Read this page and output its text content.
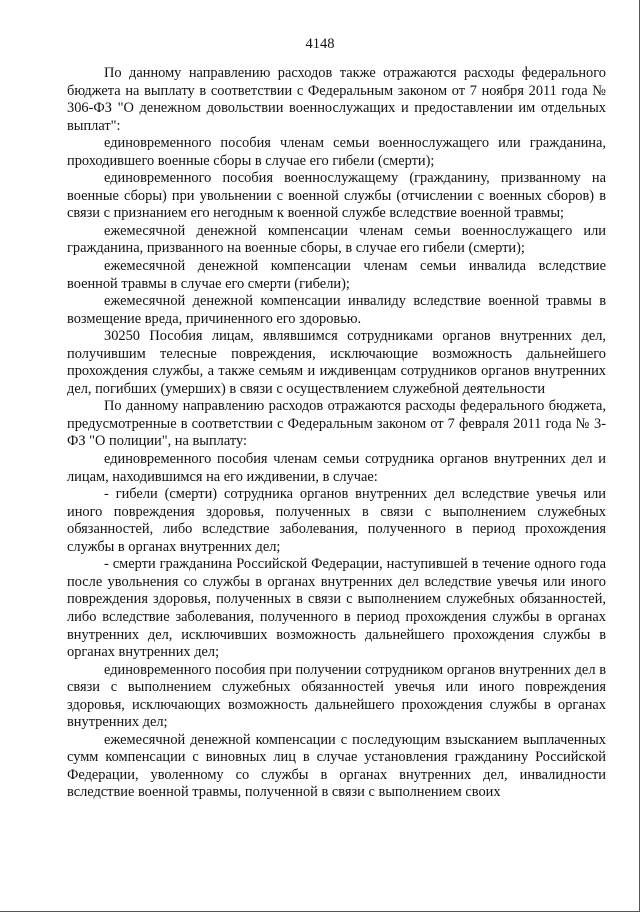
4148

По данному направлению расходов также отражаются расходы федерального бюджета на выплату в соответствии с Федеральным законом от 7 ноября 2011 года № 306-ФЗ "О денежном довольствии военнослужащих и предоставлении им отдельных выплат":

единовременного пособия членам семьи военнослужащего или гражданина, проходившего военные сборы в случае его гибели (смерти);

единовременного пособия военнослужащему (гражданину, призванному на военные сборы) при увольнении с военной службы (отчислении с военных сборов) в связи с признанием его негодным к военной службе вследствие военной травмы;

ежемесячной денежной компенсации членам семьи военнослужащего или гражданина, призванного на военные сборы, в случае его гибели (смерти);

ежемесячной денежной компенсации членам семьи инвалида вследствие военной травмы в случае его смерти (гибели);

ежемесячной денежной компенсации инвалиду вследствие военной травмы в возмещение вреда, причиненного его здоровью.

30250 Пособия лицам, являвшимся сотрудниками органов внутренних дел, получившим телесные повреждения, исключающие возможность дальнейшего прохождения службы, а также семьям и иждивенцам сотрудников органов внутренних дел, погибших (умерших) в связи с осуществлением служебной деятельности

По данному направлению расходов отражаются расходы федерального бюджета, предусмотренные в соответствии с Федеральным законом от 7 февраля 2011 года № 3-ФЗ "О полиции", на выплату:

единовременного пособия членам семьи сотрудника органов внутренних дел и лицам, находившимся на его иждивении, в случае:

- гибели (смерти) сотрудника органов внутренних дел вследствие увечья или иного повреждения здоровья, полученных в связи с выполнением служебных обязанностей, либо вследствие заболевания, полученного в период прохождения службы в органах внутренних дел;

- смерти гражданина Российской Федерации, наступившей в течение одного года после увольнения со службы в органах внутренних дел вследствие увечья или иного повреждения здоровья, полученных в связи с выполнением служебных обязанностей, либо вследствие заболевания, полученного в период прохождения службы в органах внутренних дел, исключивших возможность дальнейшего прохождения службы в органах внутренних дел;

единовременного пособия при получении сотрудником органов внутренних дел в связи с выполнением служебных обязанностей увечья или иного повреждения здоровья, исключающих возможность дальнейшего прохождения службы в органах внутренних дел;

ежемесячной денежной компенсации с последующим взысканием выплаченных сумм компенсации с виновных лиц в случае установления гражданину Российской Федерации, уволенному со службы в органах внутренних дел, инвалидности вследствие военной травмы, полученной в связи с выполнением своих
